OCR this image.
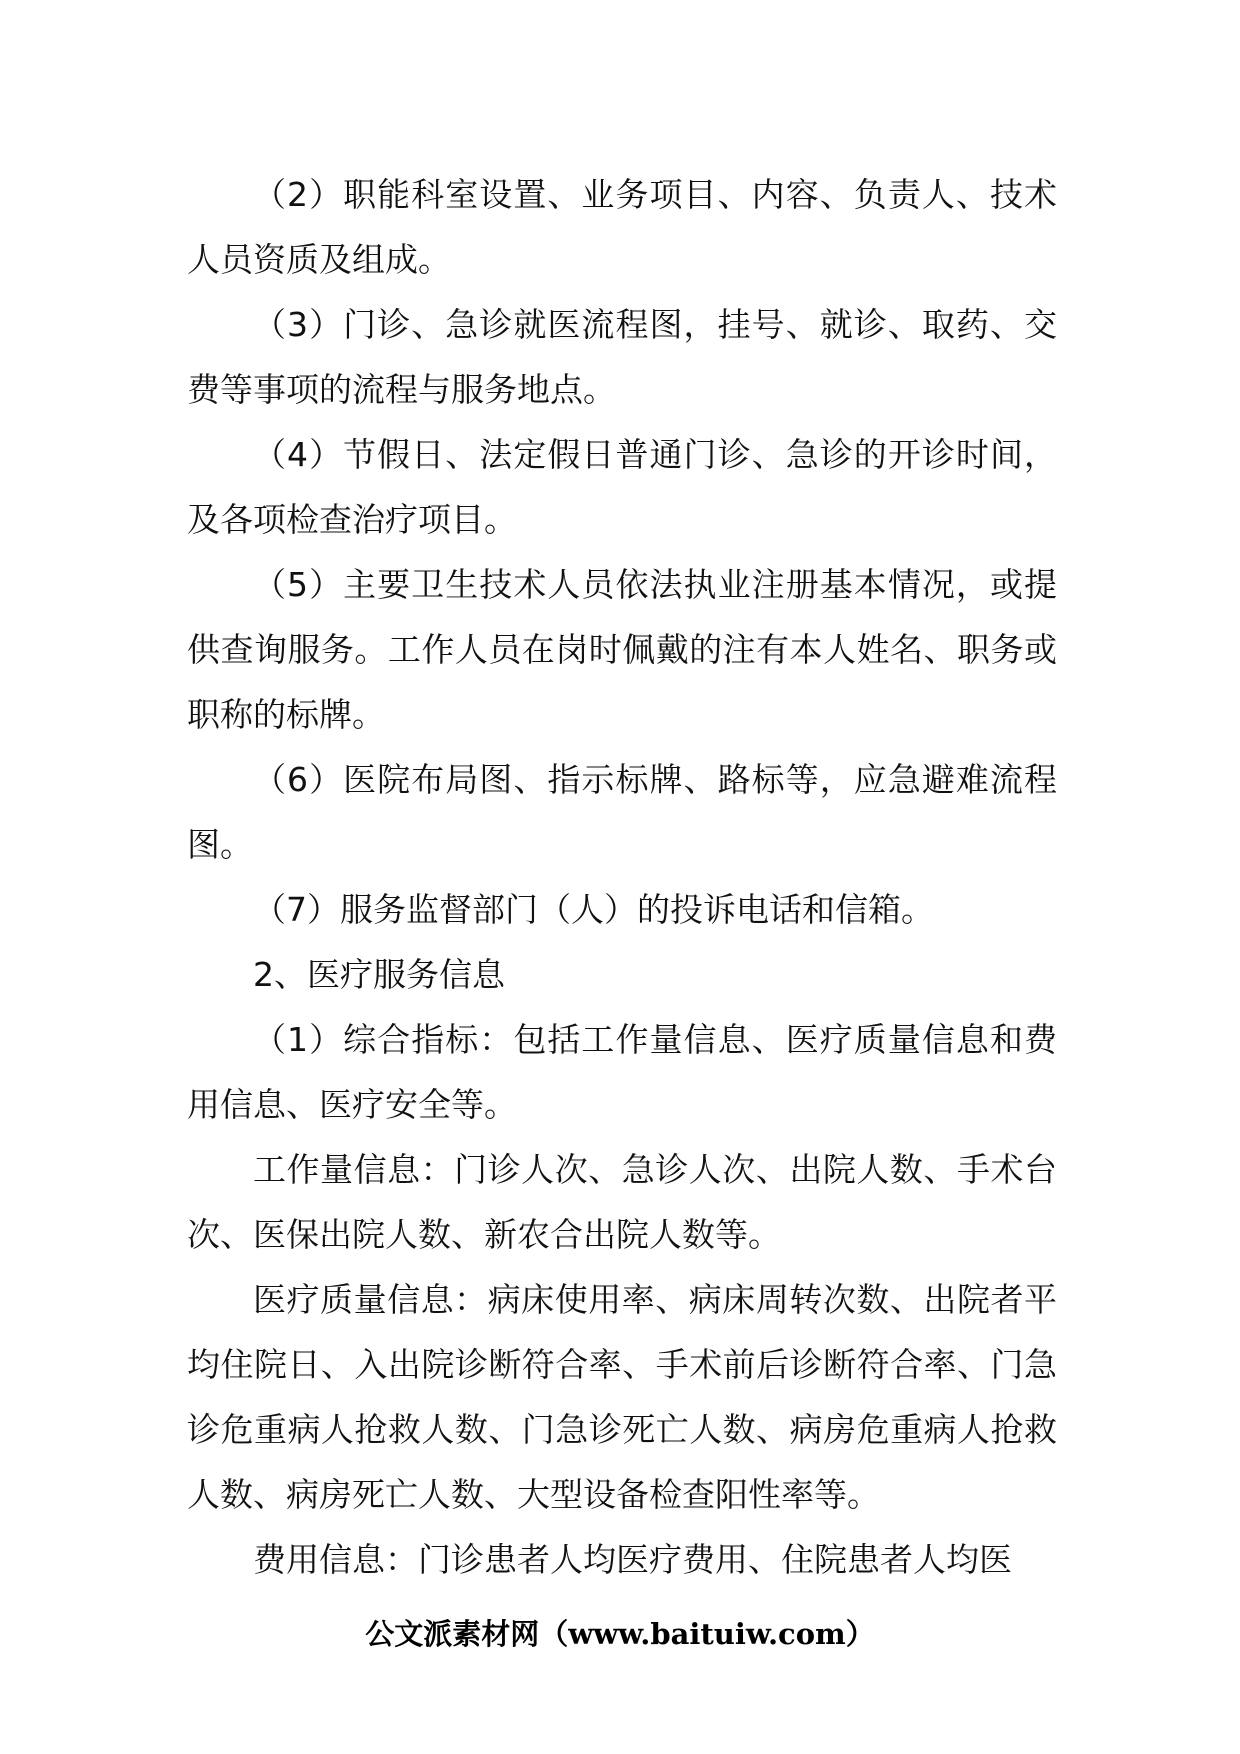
（2）职能科室设置、业务项目、内容、负责人、技术人员资质及组成。

（3）门诊、急诊就医流程图，挂号、就诊、取药、交费等事项的流程与服务地点。

（4）节假日、法定假日普通门诊、急诊的开诊时间，及各项检查治疗项目。

（5）主要卫生技术人员依法执业注册基本情况，或提供查询服务。工作人员在岗时佩戴的注有本人姓名、职务或职称的标牌。

（6）医院布局图、指示标牌、路标等，应急避难流程图。

（7）服务监督部门（人）的投诉电话和信箱。

2、医疗服务信息

（1）综合指标：包括工作量信息、医疗质量信息和费用信息、医疗安全等。

工作量信息：门诊人次、急诊人次、出院人数、手术台次、医保出院人数、新农合出院人数等。

医疗质量信息：病床使用率、病床周转次数、出院者平均住院日、入出院诊断符合率、手术前后诊断符合率、门急诊危重病人抢救人数、门急诊死亡人数、病房危重病人抢救人数、病房死亡人数、大型设备检查阳性率等。

费用信息：门诊患者人均医疗费用、住院患者人均医

公文派素材网（www.baituiw.com）
